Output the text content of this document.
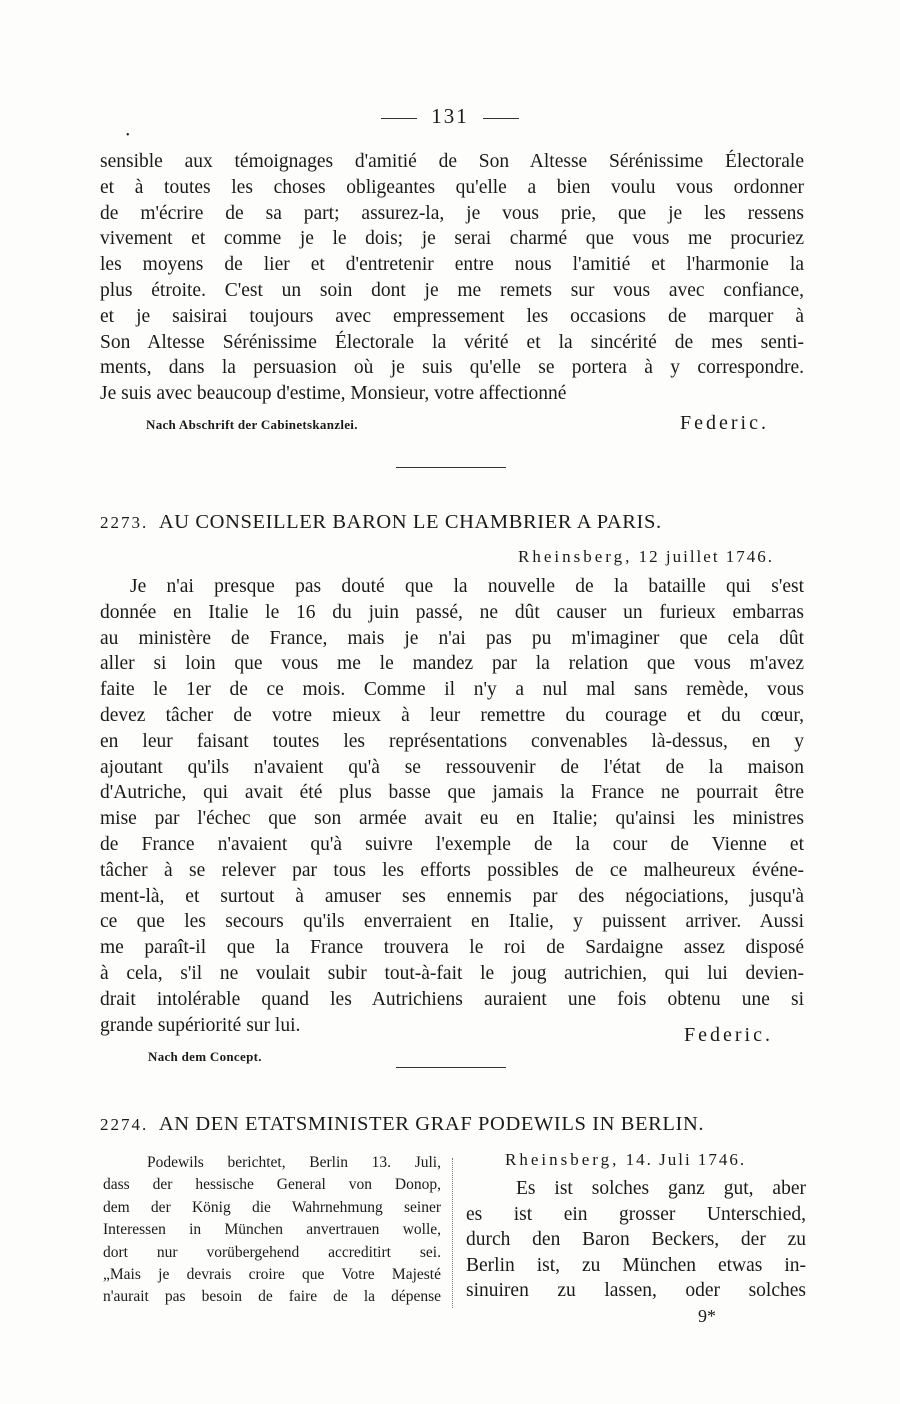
131
•
sensible aux témoignages d'amitié de Son Altesse Sérénissime Électorale
et à toutes les choses obligeantes qu'elle a bien voulu vous ordonner
de m'écrire de sa part; assurez-la, je vous prie, que je les ressens
vivement et comme je le dois; je serai charmé que vous me procuriez
les moyens de lier et d'entretenir entre nous l'amitié et l'harmonie la
plus étroite. C'est un soin dont je me remets sur vous avec confiance,
et je saisirai toujours avec empressement les occasions de marquer à
Son Altesse Sérénissime Électorale la vérité et la sincérité de mes senti-
ments, dans la persuasion où je suis qu'elle se portera à y correspondre.
Je suis avec beaucoup d'estime, Monsieur, votre affectionné
Nach Abschrift der Cabinetskanzlei.	Federic.
2273. AU CONSEILLER BARON LE CHAMBRIER A PARIS.
Rheinsberg, 12 juillet 1746.
Je n'ai presque pas douté que la nouvelle de la bataille qui s'est
donnée en Italie le 16 du juin passé, ne dût causer un furieux embarras
au ministère de France, mais je n'ai pas pu m'imaginer que cela dût
aller si loin que vous me le mandez par la relation que vous m'avez
faite le 1er de ce mois. Comme il n'y a nul mal sans remède, vous
devez tâcher de votre mieux à leur remettre du courage et du cœur,
en leur faisant toutes les représentations convenables là-dessus, en y
ajoutant qu'ils n'avaient qu'à se ressouvenir de l'état de la maison
d'Autriche, qui avait été plus basse que jamais la France ne pourrait être
mise par l'échec que son armée avait eu en Italie; qu'ainsi les ministres
de France n'avaient qu'à suivre l'exemple de la cour de Vienne et
tâcher à se relever par tous les efforts possibles de ce malheureux événe-
ment-là, et surtout à amuser ses ennemis par des négociations, jusqu'à
ce que les secours qu'ils enverraient en Italie, y puissent arriver. Aussi
me paraît-il que la France trouvera le roi de Sardaigne assez disposé
à cela, s'il ne voulait subir tout-à-fait le joug autrichien, qui lui devien-
drait intolérable quand les Autrichiens auraient une fois obtenu une si
grande supériorité sur lui.	Federic.
Nach dem Concept.
2274. AN DEN ETATSMINISTER GRAF PODEWILS IN BERLIN.
Podewils berichtet, Berlin 13. Juli,
dass der hessische General von Donop,
dem der König die Wahrnehmung seiner
Interessen in München anvertrauen wolle,
dort nur vorübergehend accreditirt sei.
„Mais je devrais croire que Votre Majesté
n'aurait pas besoin de faire de la dépense
Rheinsberg, 14. Juli 1746.
Es ist solches ganz gut, aber
es ist ein grosser Unterschied,
durch den Baron Beckers, der zu
Berlin ist, zu München etwas in-
sinuiren zu lassen, oder solches
9*
